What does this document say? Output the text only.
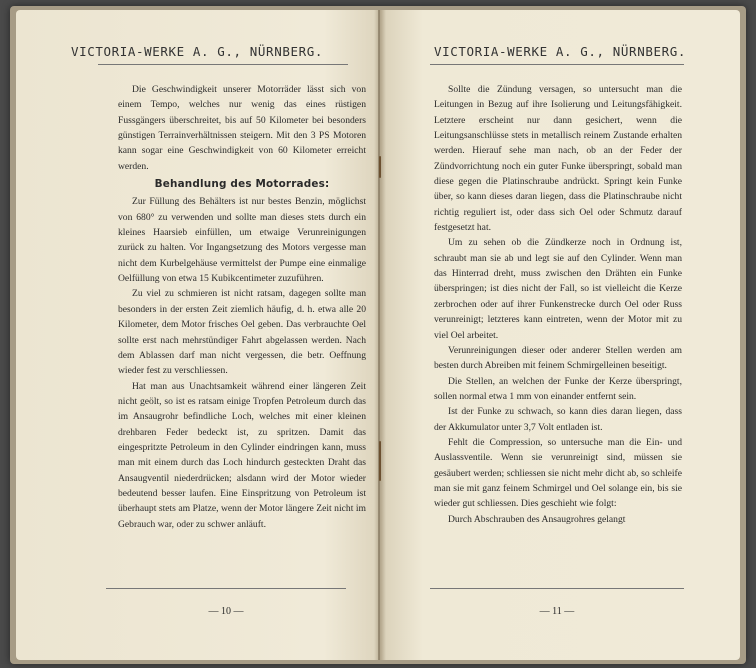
VICTORIA-WERKE A. G., NÜRNBERG.

Die Geschwindigkeit unserer Motorräder lässt sich von einem Tempo, welches nur wenig das eines rüstigen Fussgängers überschreitet, bis auf 50 Kilometer bei besonders günstigen Terrainverhältnissen steigern. Mit den 3 PS Motoren kann sogar eine Geschwindigkeit von 60 Kilometer erreicht werden.

Behandlung des Motorrades:

Zur Füllung des Behälters ist nur bestes Benzin, möglichst von 680° zu verwenden und sollte man dieses stets durch ein kleines Haarsieb einfüllen, um etwaige Verunreinigungen zurück zu halten. Vor Ingangsetzung des Motors vergesse man nicht dem Kurbelgehäuse vermittelst der Pumpe eine einmalige Oelfüllung von etwa 15 Kubikcentimeter zuzuführen.

Zu viel zu schmieren ist nicht ratsam, dagegen sollte man besonders in der ersten Zeit ziemlich häufig, d. h. etwa alle 20 Kilometer, dem Motor frisches Oel geben. Das verbrauchte Oel sollte erst nach mehrstündiger Fahrt abgelassen werden. Nach dem Ablassen darf man nicht vergessen, die betr. Oeffnung wieder fest zu verschliessen.

Hat man aus Unachtsamkeit während einer längeren Zeit nicht geölt, so ist es ratsam einige Tropfen Petroleum durch das im Ansaugrohr befindliche Loch, welches mit einer kleinen drehbaren Feder bedeckt ist, zu spritzen. Damit das eingespritzte Petroleum in den Cylinder eindringen kann, muss man mit einem durch das Loch hindurch gesteckten Draht das Ansaugventil niederdrücken; alsdann wird der Motor wieder bedeutend besser laufen. Eine Einspritzung von Petroleum ist überhaupt stets am Platze, wenn der Motor längere Zeit nicht im Gebrauch war, oder zu schwer anläuft.

— 10 —
VICTORIA-WERKE A. G., NÜRNBERG.

Sollte die Zündung versagen, so untersucht man die Leitungen in Bezug auf ihre Isolierung und Leitungsfähigkeit. Letztere erscheint nur dann gesichert, wenn die Leitungsanschlüsse stets in metallisch reinem Zustande erhalten werden. Hierauf sehe man nach, ob an der Feder der Zündvorrichtung noch ein guter Funke überspringt, sobald man diese gegen die Platinschraube andrückt. Springt kein Funke über, so kann dieses daran liegen, dass die Platinschraube nicht richtig reguliert ist, oder dass sich Oel oder Schmutz darauf festgesetzt hat.

Um zu sehen ob die Zündkerze noch in Ordnung ist, schraubt man sie ab und legt sie auf den Cylinder. Wenn man das Hinterrad dreht, muss zwischen den Drähten ein Funke überspringen; ist dies nicht der Fall, so ist vielleicht die Kerze zerbrochen oder auf ihrer Funkenstrecke durch Oel oder Russ verunreinigt; letzteres kann eintreten, wenn der Motor mit zu viel Oel arbeitet.

Verunreinigungen dieser oder anderer Stellen werden am besten durch Abreiben mit feinem Schmirgelleinen beseitigt.

Die Stellen, an welchen der Funke der Kerze überspringt, sollen normal etwa 1 mm von einander entfernt sein.

Ist der Funke zu schwach, so kann dies daran liegen, dass der Akkumulator unter 3,7 Volt entladen ist.

Fehlt die Compression, so untersuche man die Ein- und Auslassventile. Wenn sie verunreinigt sind, müssen sie gesäubert werden; schliessen sie nicht mehr dicht ab, so schleife man sie mit ganz feinem Schmirgel und Oel solange ein, bis sie wieder gut schliessen. Dies geschieht wie folgt:

Durch Abschrauben des Ansaugrohres gelangt

— 11 —
